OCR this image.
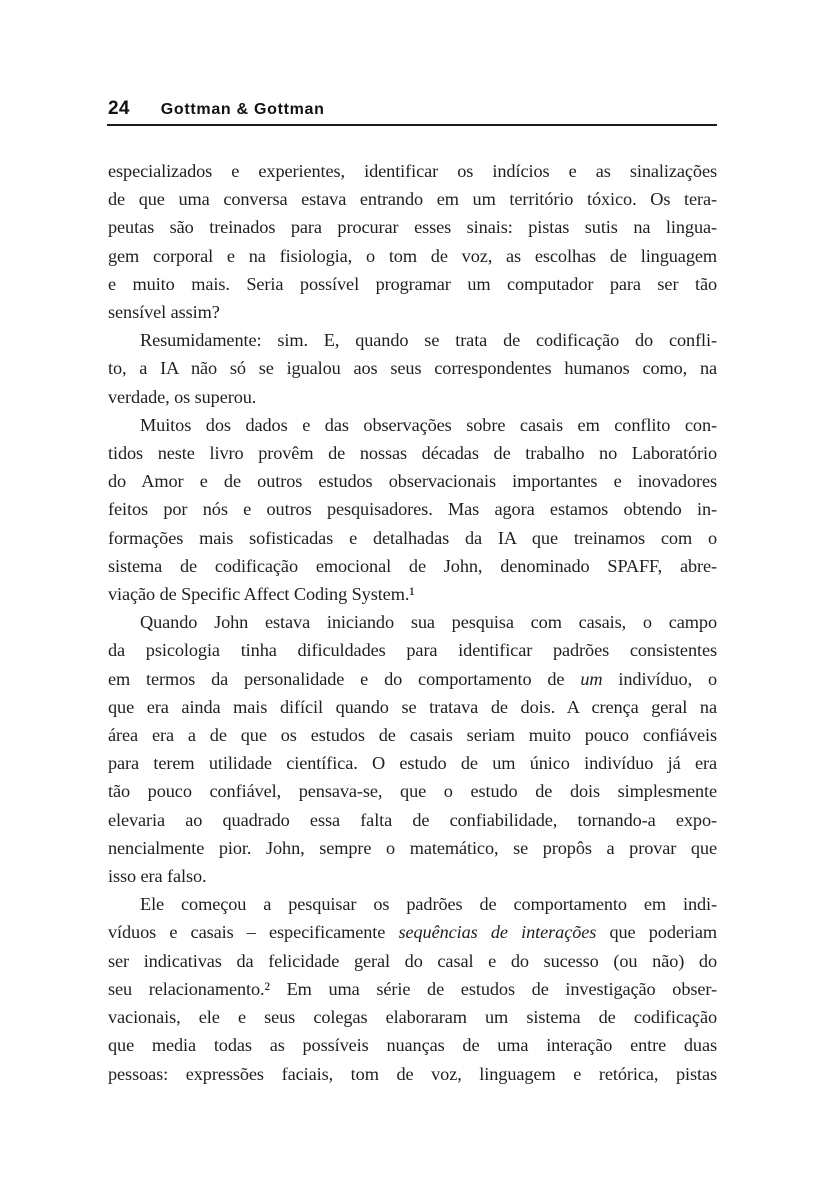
24 Gottman & Gottman
especializados e experientes, identificar os indícios e as sinalizações
de que uma conversa estava entrando em um território tóxico. Os tera-
peutas são treinados para procurar esses sinais: pistas sutis na lingua-
gem corporal e na fisiologia, o tom de voz, as escolhas de linguagem
e muito mais. Seria possível programar um computador para ser tão
sensível assim?
Resumidamente: sim. E, quando se trata de codificação do confli-
to, a IA não só se igualou aos seus correspondentes humanos como, na
verdade, os superou.
Muitos dos dados e das observações sobre casais em conflito con-
tidos neste livro provêm de nossas décadas de trabalho no Laboratório
do Amor e de outros estudos observacionais importantes e inovadores
feitos por nós e outros pesquisadores. Mas agora estamos obtendo in-
formações mais sofisticadas e detalhadas da IA que treinamos com o
sistema de codificação emocional de John, denominado SPAFF, abre-
viação de Specific Affect Coding System.¹
Quando John estava iniciando sua pesquisa com casais, o campo
da psicologia tinha dificuldades para identificar padrões consistentes
em termos da personalidade e do comportamento de um indivíduo, o
que era ainda mais difícil quando se tratava de dois. A crença geral na
área era a de que os estudos de casais seriam muito pouco confiáveis
para terem utilidade científica. O estudo de um único indivíduo já era
tão pouco confiável, pensava-se, que o estudo de dois simplesmente
elevaria ao quadrado essa falta de confiabilidade, tornando-a expo-
nencialmente pior. John, sempre o matemático, se propôs a provar que
isso era falso.
Ele começou a pesquisar os padrões de comportamento em indi-
víduos e casais – especificamente sequências de interações que poderiam
ser indicativas da felicidade geral do casal e do sucesso (ou não) do
seu relacionamento.² Em uma série de estudos de investigação obser-
vacionais, ele e seus colegas elaboraram um sistema de codificação
que media todas as possíveis nuanças de uma interação entre duas
pessoas: expressões faciais, tom de voz, linguagem e retórica, pistas
